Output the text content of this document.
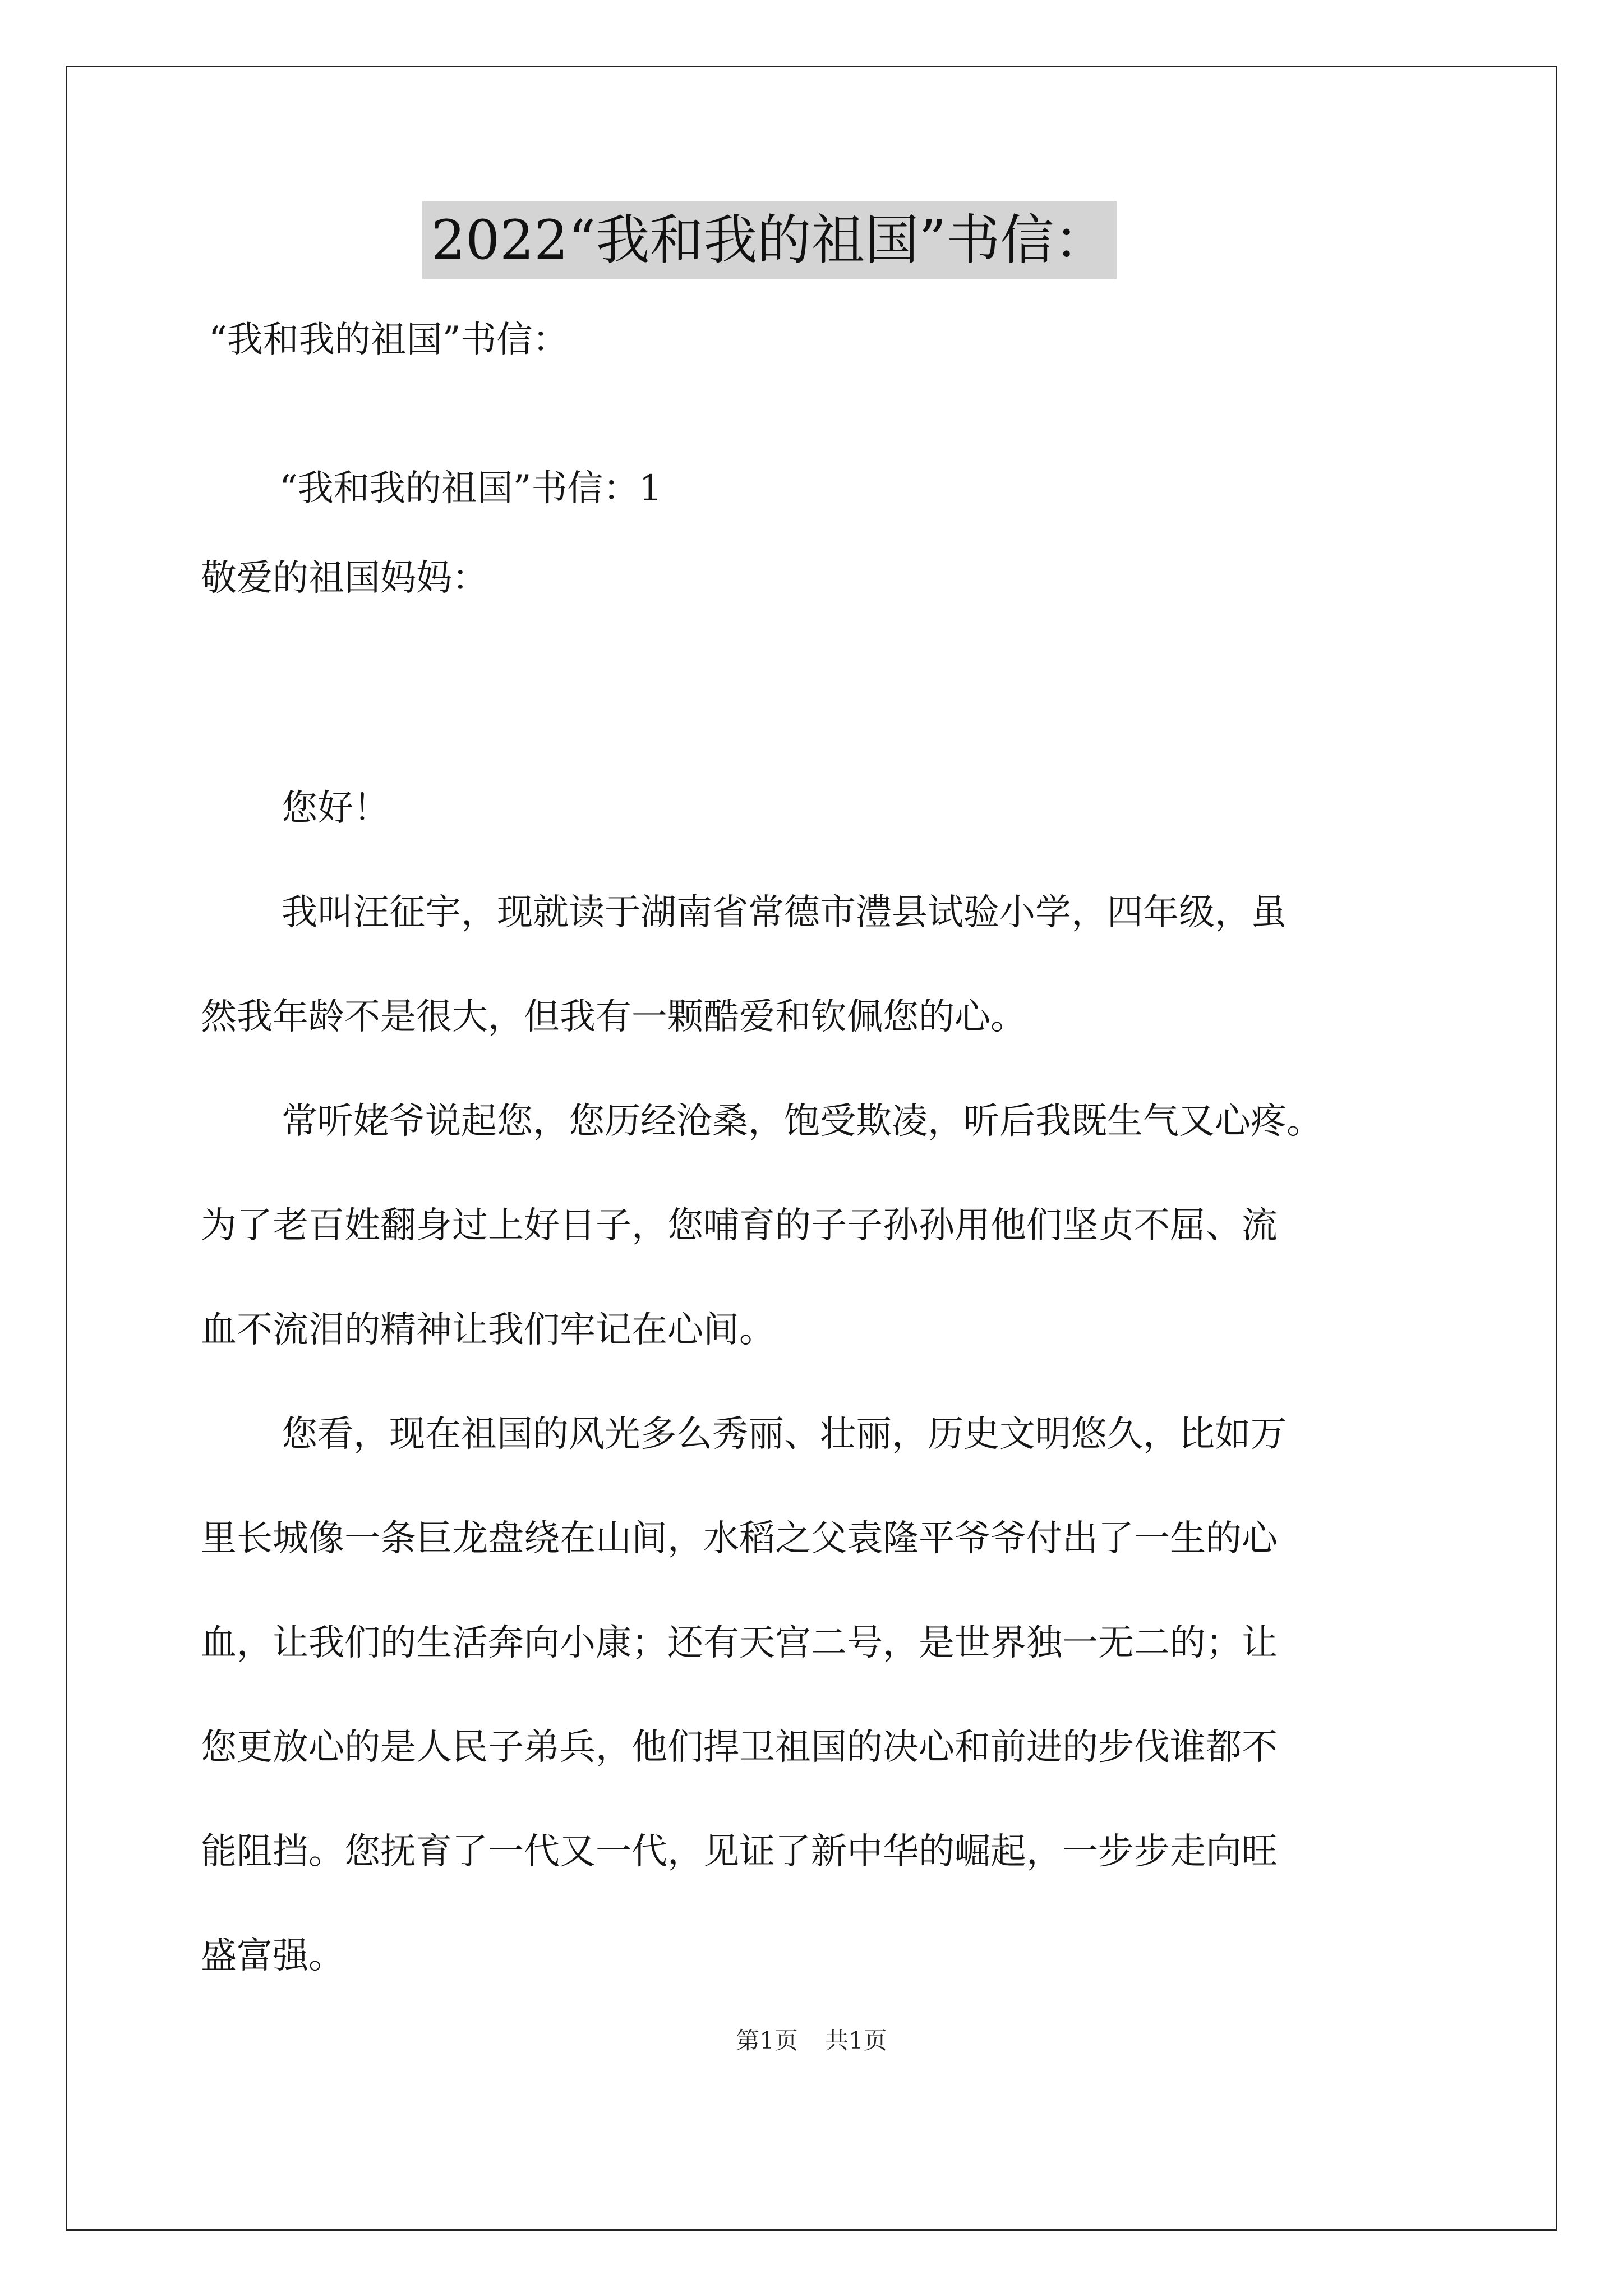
2022“我和我的祖国”书信：
“我和我的祖国”书信：
“我和我的祖国”书信：1
敬爱的祖国妈妈：
您好！
我叫汪征宇，现就读于湖南省常德市澧县试验小学，四年级，虽
然我年龄不是很大，但我有一颗酷爱和钦佩您的心。
常听姥爷说起您，您历经沧桑，饱受欺凌，听后我既生气又心疼。
为了老百姓翻身过上好日子，您哺育的子子孙孙用他们坚贞不屈、流
血不流泪的精神让我们牢记在心间。
您看，现在祖国的风光多么秀丽、壮丽，历史文明悠久，比如万
里长城像一条巨龙盘绕在山间，水稻之父袁隆平爷爷付出了一生的心
血，让我们的生活奔向小康；还有天宫二号，是世界独一无二的；让
您更放心的是人民子弟兵，他们捍卫祖国的决心和前进的步伐谁都不
能阻挡。您抚育了一代又一代，见证了新中华的崛起，一步步走向旺
盛富强。
第1页 共1页
